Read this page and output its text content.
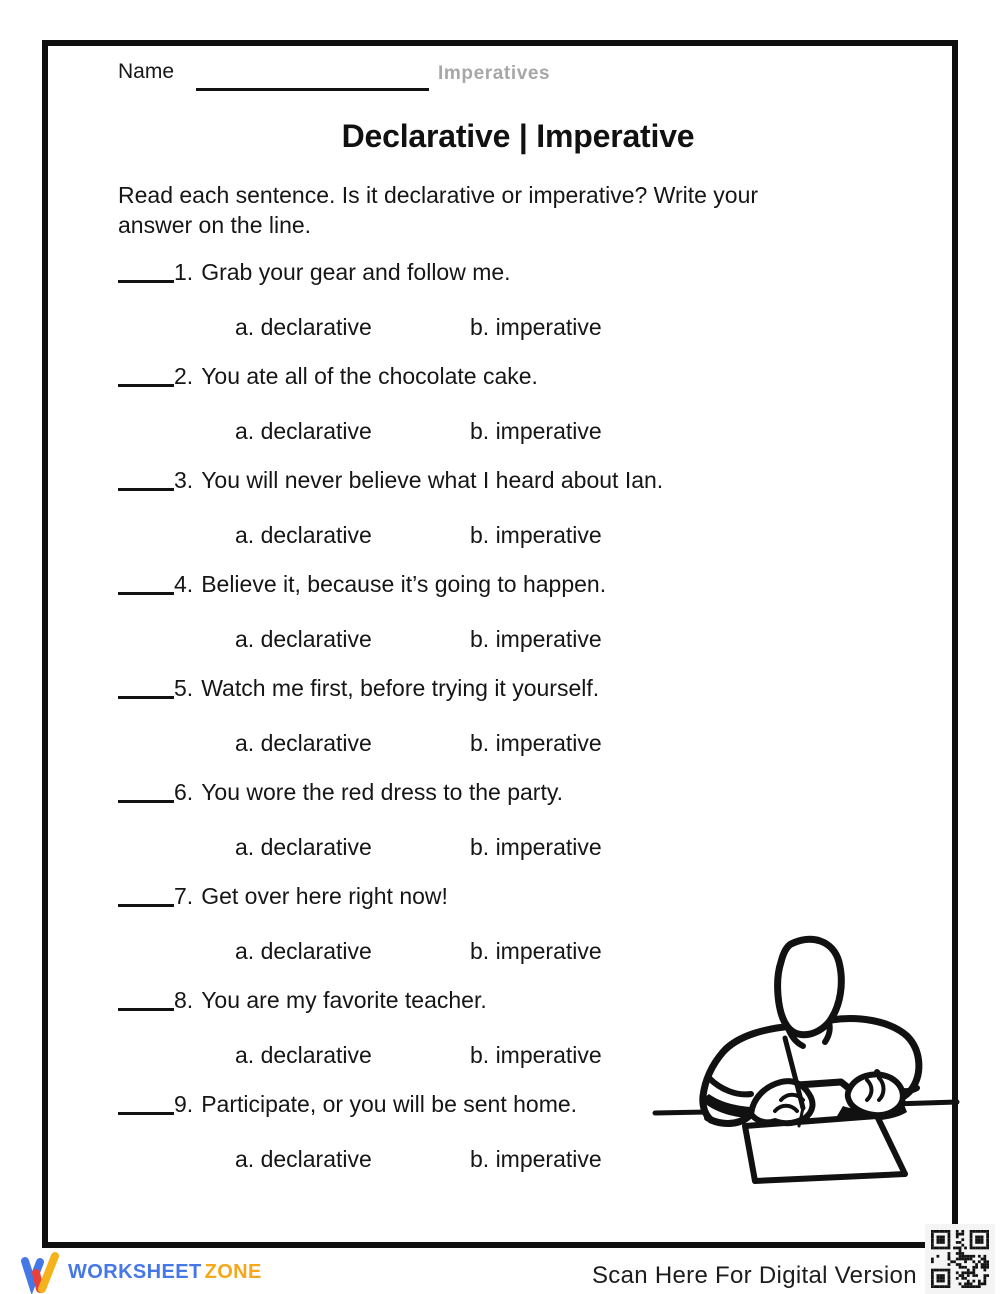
Name	Imperatives
Declarative | Imperative
Read each sentence. Is it declarative or imperative? Write your
answer on the line.
1. Grab your gear and follow me.
a. declarative	b. imperative
2. You ate all of the chocolate cake.
a. declarative	b. imperative
3. You will never believe what I heard about Ian.
a. declarative	b. imperative
4. Believe it, because it’s going to happen.
a. declarative	b. imperative
5. Watch me first, before trying it yourself.
a. declarative	b. imperative
6. You wore the red dress to the party.
a. declarative	b. imperative
7. Get over here right now!
a. declarative	b. imperative
8. You are my favorite teacher.
a. declarative	b. imperative
9. Participate, or you will be sent home.
a. declarative	b. imperative
WORKSHEET ZONE	Scan Here For Digital Version
